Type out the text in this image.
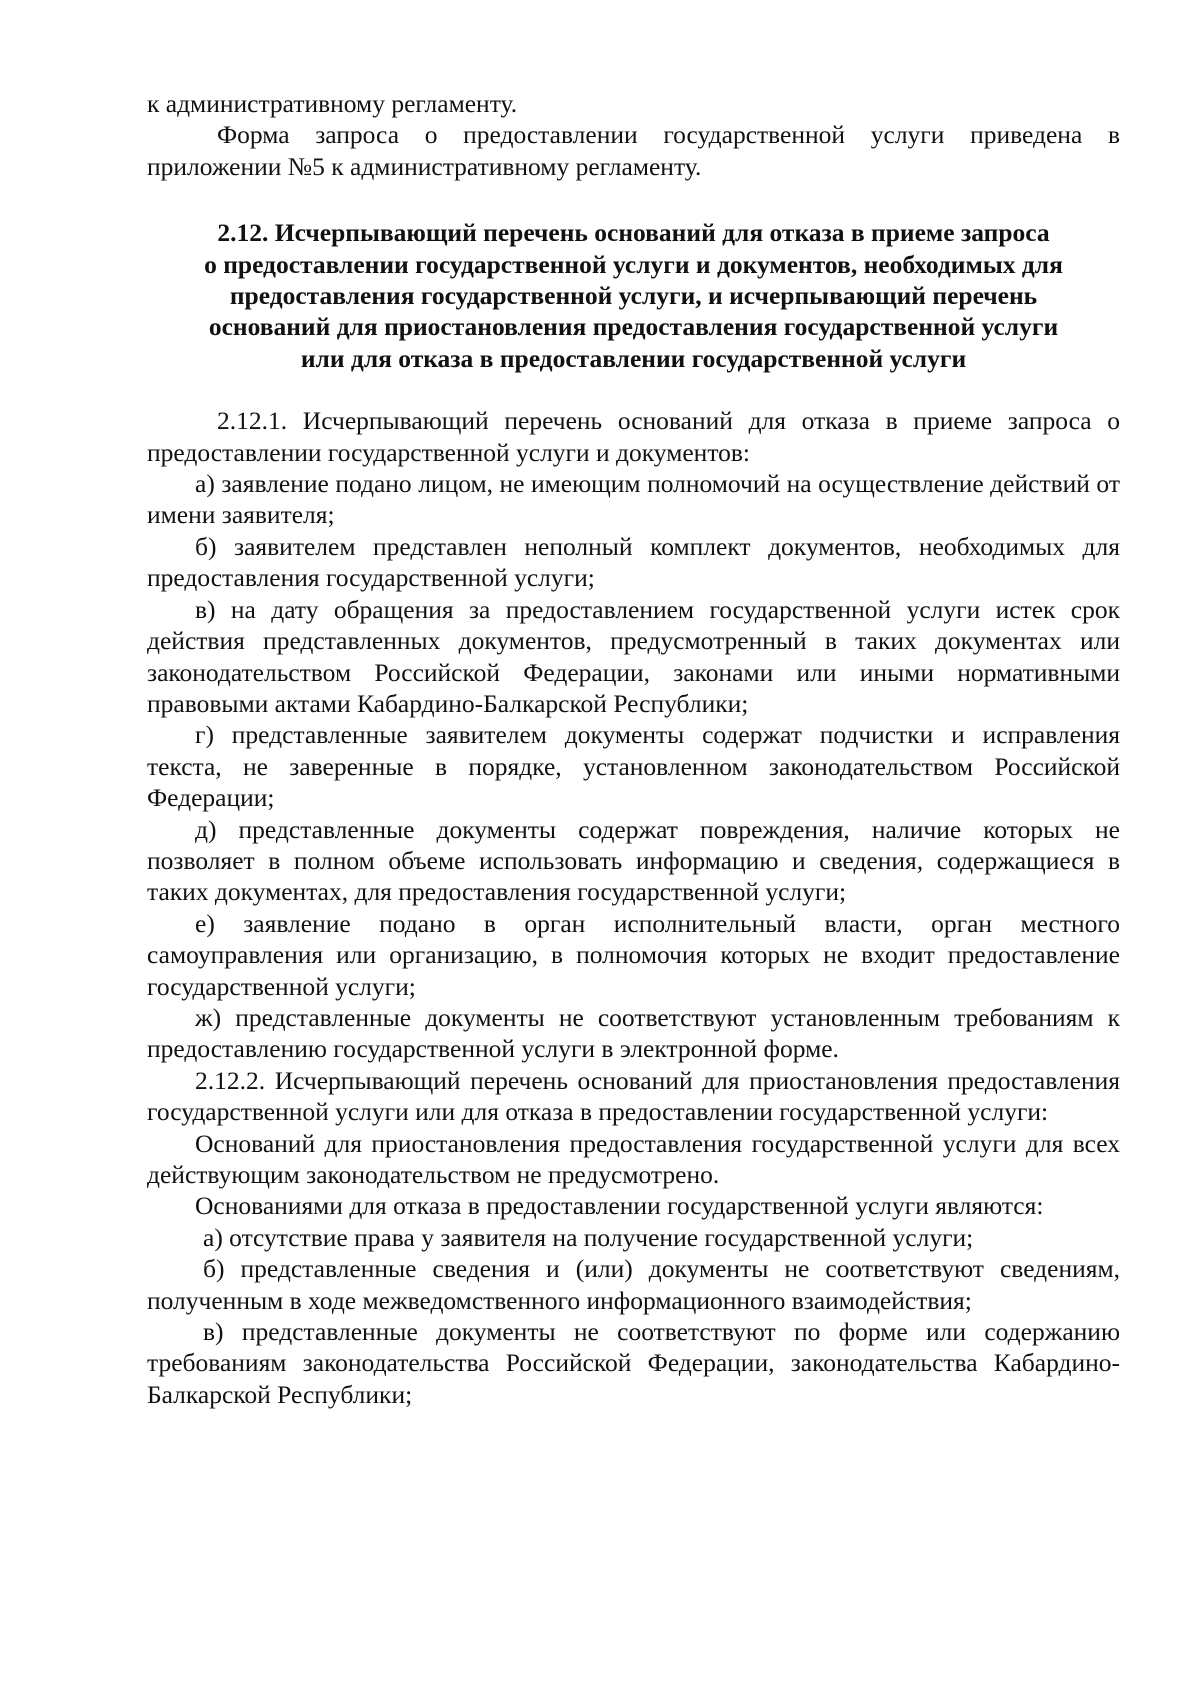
к административному регламенту.

Форма запроса о предоставлении государственной услуги приведена в приложении №5 к административному регламенту.

2.12. Исчерпывающий перечень оснований для отказа в приеме запроса
о предоставлении государственной услуги и документов, необходимых для
предоставления государственной услуги, и исчерпывающий перечень
оснований для приостановления предоставления государственной услуги
или для отказа в предоставлении государственной услуги

2.12.1. Исчерпывающий перечень оснований для отказа в приеме запроса о предоставлении государственной услуги и документов:

а) заявление подано лицом, не имеющим полномочий на осуществление действий от имени заявителя;

б) заявителем представлен неполный комплект документов, необходимых для предоставления государственной услуги;

в) на дату обращения за предоставлением государственной услуги истек срок действия представленных документов, предусмотренный в таких документах или законодательством Российской Федерации, законами или иными нормативными правовыми актами Кабардино-Балкарской Республики;

г) представленные заявителем документы содержат подчистки и исправления текста, не заверенные в порядке, установленном законодательством Российской Федерации;

д) представленные документы содержат повреждения, наличие которых не позволяет в полном объеме использовать информацию и сведения, содержащиеся в таких документах, для предоставления государственной услуги;

е) заявление подано в орган исполнительный власти, орган местного самоуправления или организацию, в полномочия которых не входит предоставление государственной услуги;

ж) представленные документы не соответствуют установленным требованиям к предоставлению государственной услуги в электронной форме.

2.12.2. Исчерпывающий перечень оснований для приостановления предоставления государственной услуги или для отказа в предоставлении государственной услуги:

Оснований для приостановления предоставления государственной услуги для всех действующим законодательством не предусмотрено.

Основаниями для отказа в предоставлении государственной услуги являются:

а) отсутствие права у заявителя на получение государственной услуги;

б) представленные сведения и (или) документы не соответствуют сведениям, полученным в ходе межведомственного информационного взаимодействия;

в) представленные документы не соответствуют по форме или содержанию требованиям законодательства Российской Федерации, законодательства Кабардино-Балкарской Республики;
